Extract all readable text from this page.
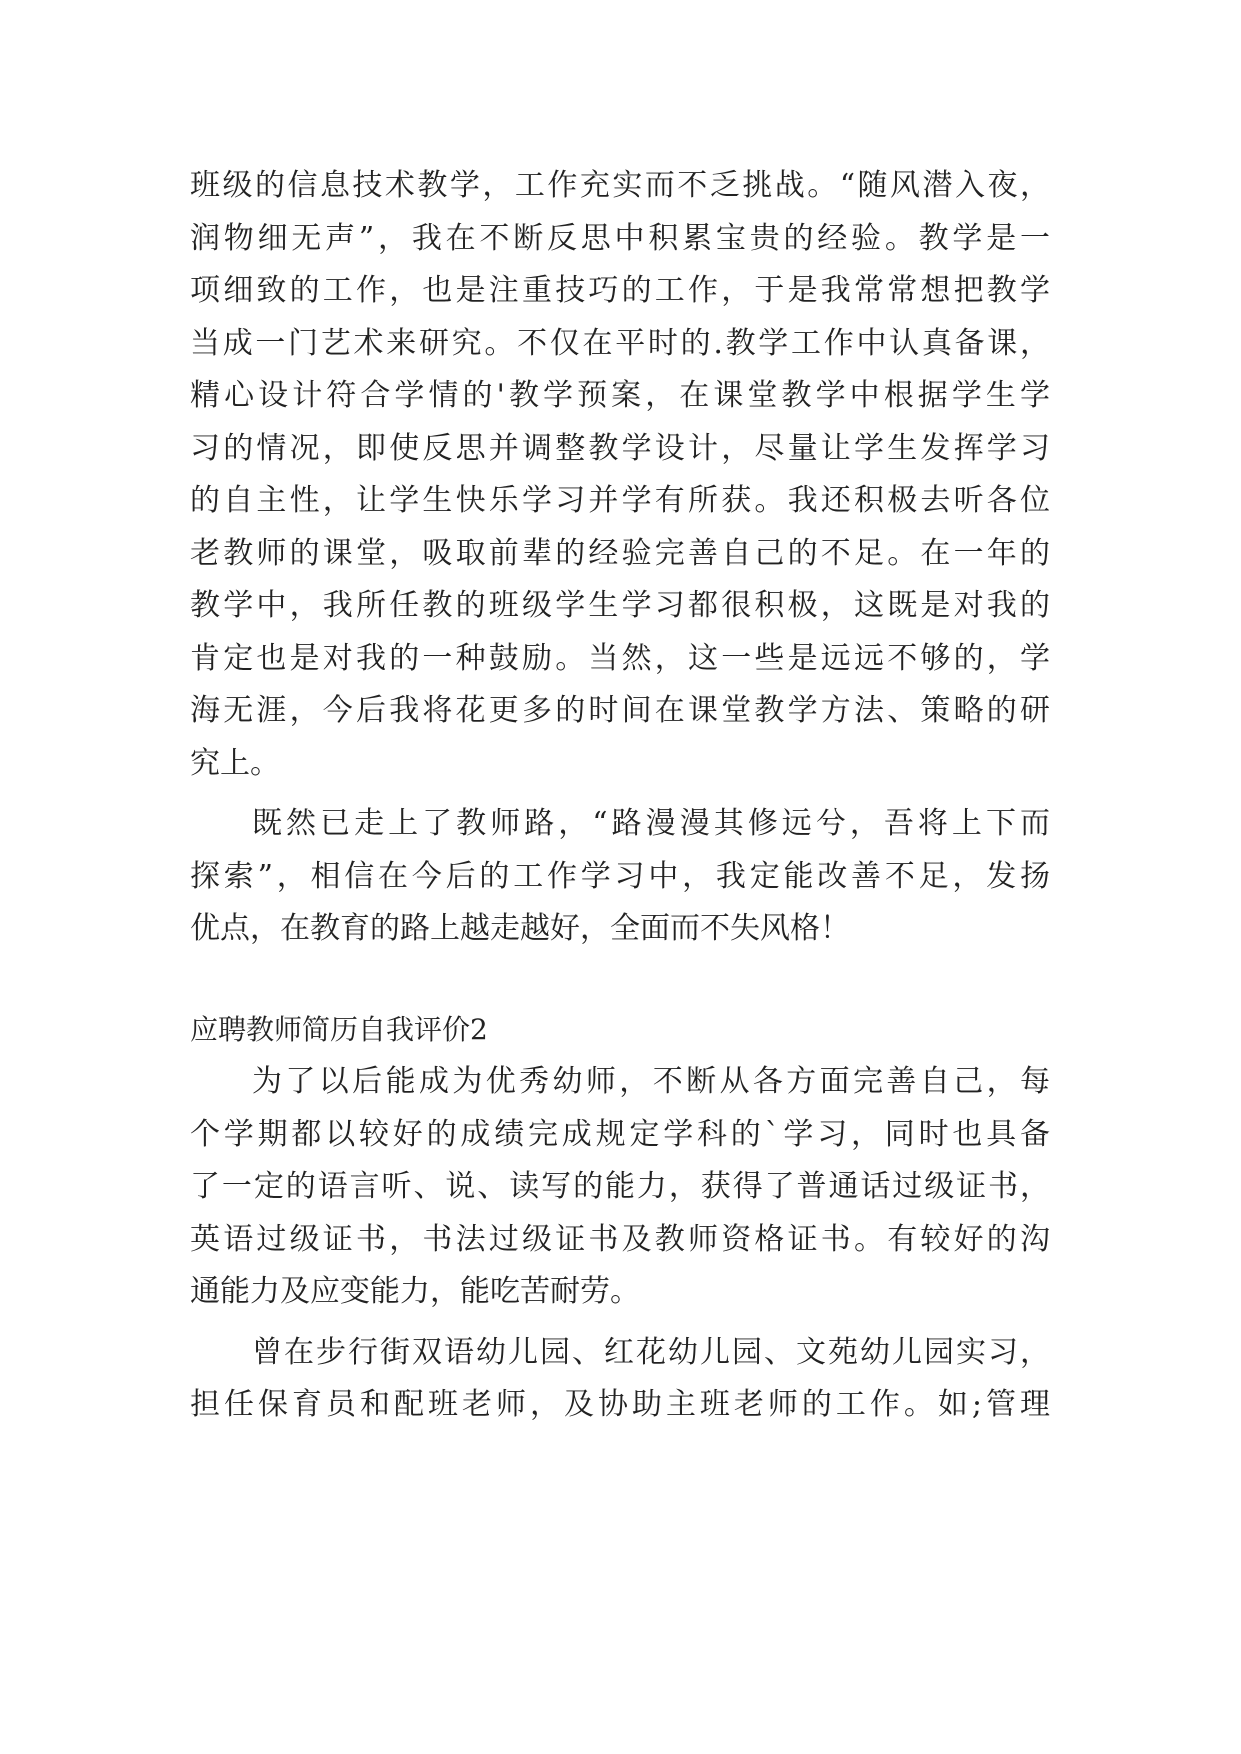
班级的信息技术教学，工作充实而不乏挑战。“随风潜入夜，
润物细无声”，我在不断反思中积累宝贵的经验。教学是一
项细致的工作，也是注重技巧的工作，于是我常常想把教学
当成一门艺术来研究。不仅在平时的.教学工作中认真备课，
精心设计符合学情的'教学预案，在课堂教学中根据学生学
习的情况，即使反思并调整教学设计，尽量让学生发挥学习
的自主性，让学生快乐学习并学有所获。我还积极去听各位
老教师的课堂，吸取前辈的经验完善自己的不足。在一年的
教学中，我所任教的班级学生学习都很积极，这既是对我的
肯定也是对我的一种鼓励。当然，这一些是远远不够的，学
海无涯，今后我将花更多的时间在课堂教学方法、策略的研
究上。
既然已走上了教师路，“路漫漫其修远兮，吾将上下而
探索”，相信在今后的工作学习中，我定能改善不足，发扬
优点，在教育的路上越走越好，全面而不失风格！
应聘教师简历自我评价2
为了以后能成为优秀幼师，不断从各方面完善自己，每
个学期都以较好的成绩完成规定学科的`学习，同时也具备
了一定的语言听、说、读写的能力，获得了普通话过级证书，
英语过级证书，书法过级证书及教师资格证书。有较好的沟
通能力及应变能力，能吃苦耐劳。
曾在步行街双语幼儿园、红花幼儿园、文苑幼儿园实习，
担任保育员和配班老师，及协助主班老师的工作。如;管理
